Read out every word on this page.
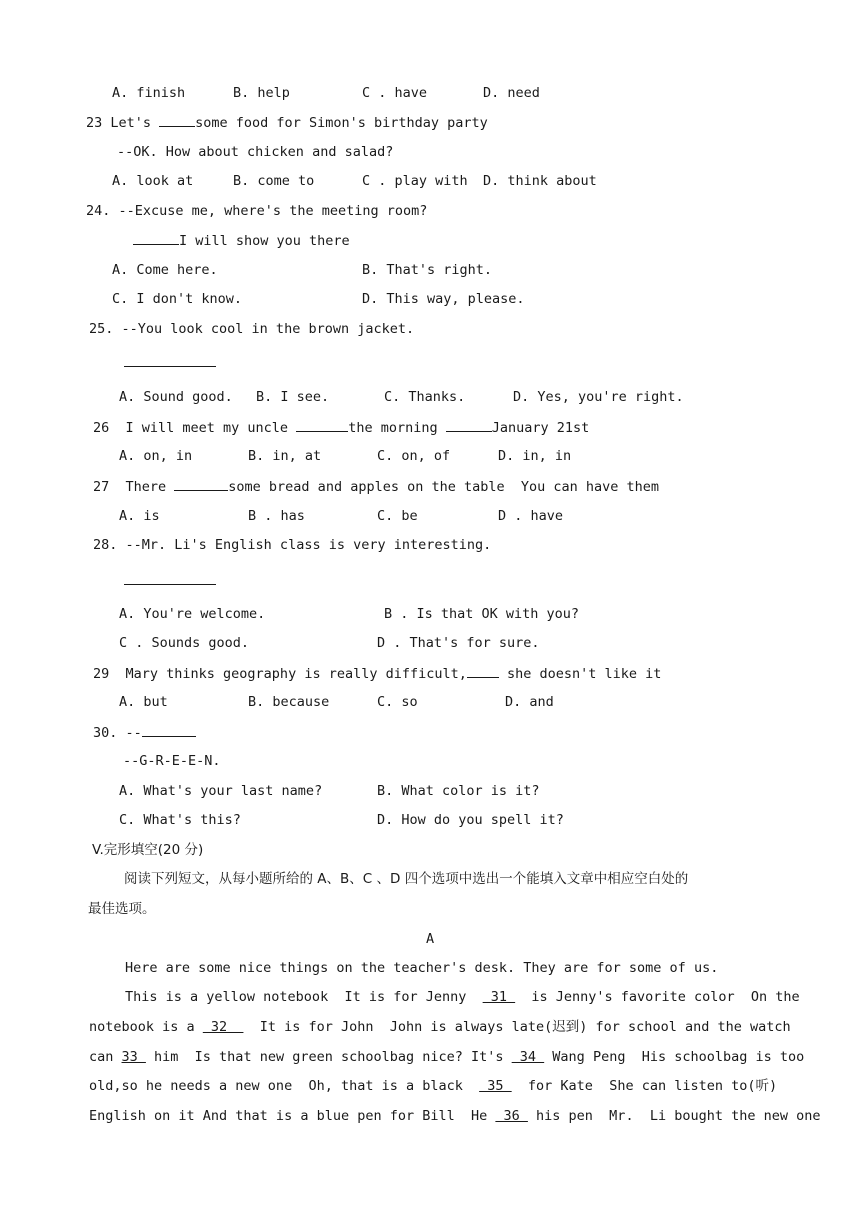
A. finish	B. help	C . have	D. need
23 Let's	some food for Simon's birthday party
--OK. How about chicken and salad?
A. look at	B. come to	C . play with D. think about
24. --Excuse me, where's the meeting room?
I will show you there
A. Come here.	B. That's right.
C. I don't know.	D. This way, please.
25. --You look cool in the brown jacket.
A. Sound good. B. I see.	C. Thanks.	D. Yes, you're right.
26  I will meet my uncle	the morning	January 21st
A. on, in	B. in, at	C. on, of	D. in, in
27  There	some bread and apples on the table  You can have them
A. is	B . has	C. be	D . have
28. --Mr. Li's English class is very interesting.
A. You're welcome.	B . Is that OK with you?
C . Sounds good.	D . That's for sure.
29  Mary thinks geography is really difficult, she doesn't like it
A. but	B. because	C. so	D. and
30. --
--G-R-E-E-N.
A. What's your last name?	B. What color is it?
C. What's this?	D. How do you spell it?
V.完形填空(20 分)
阅读下列短文，从每小题所给的 A、B、C 、D 四个选项中选出一个能填入文章中相应空白处的
最佳选项。
A
Here are some nice things on the teacher's desk. They are for some of us.
This is a yellow notebook  It is for Jenny   31   is Jenny's favorite color  On the
notebook is a  32    It is for John  John is always late(迟到) for school and the watch
can 33  him  Is that new green schoolbag nice? It's  34  Wang Peng  His schoolbag is too
old,so he needs a new one  Oh, that is a black   35   for Kate  She can listen to(听)
English on it And that is a blue pen for Bill  He  36  his pen  Mr.  Li bought the new one
